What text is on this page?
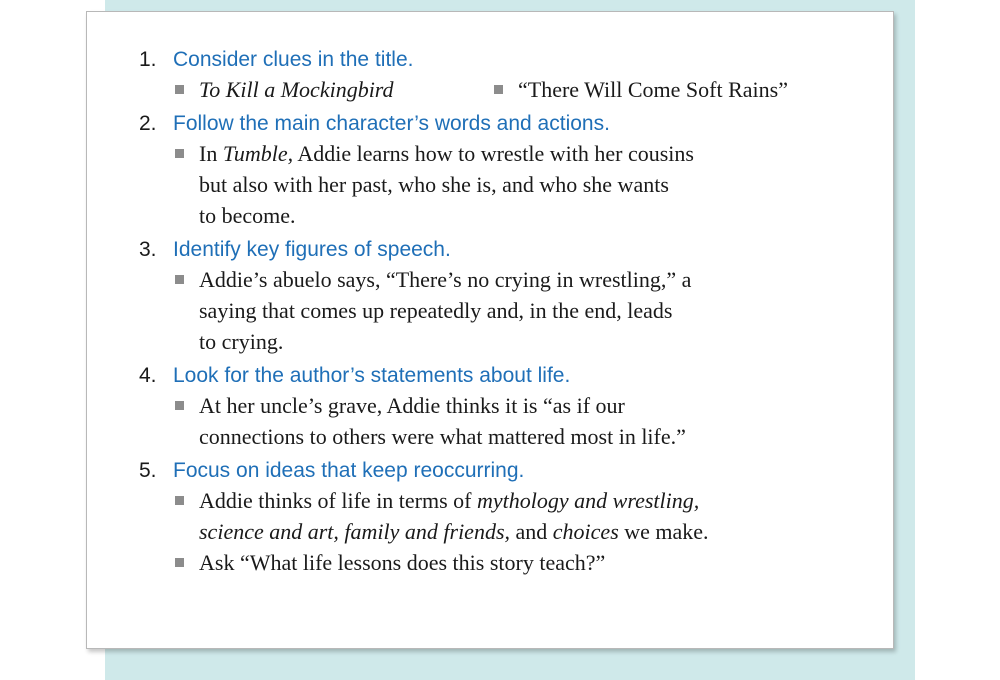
1. Consider clues in the title.
To Kill a Mockingbird	“There Will Come Soft Rains”
2. Follow the main character’s words and actions.
In Tumble, Addie learns how to wrestle with her cousins
but also with her past, who she is, and who she wants
to become.
3. Identify key figures of speech.
Addie’s abuelo says, “There’s no crying in wrestling,” a
saying that comes up repeatedly and, in the end, leads
to crying.
4. Look for the author’s statements about life.
At her uncle’s grave, Addie thinks it is “as if our
connections to others were what mattered most in life.”
5. Focus on ideas that keep reoccurring.
Addie thinks of life in terms of mythology and wrestling,
science and art, family and friends, and choices we make.
Ask “What life lessons does this story teach?”
